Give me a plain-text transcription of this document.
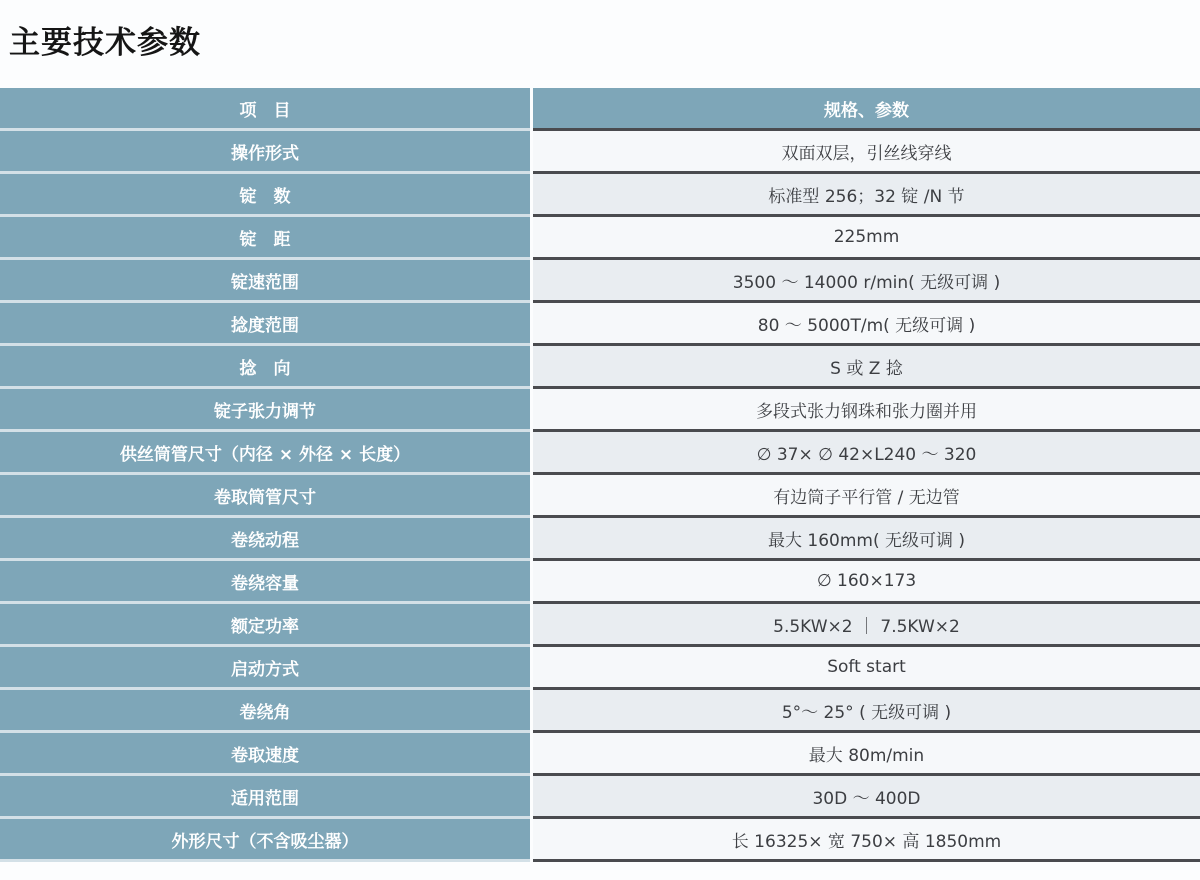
主要技术参数
项　目	规格、参数
操作形式	双面双层，引丝线穿线
锭　数	标准型 256；32 锭 /N 节
锭　距	225mm
锭速范围	3500 ～ 14000 r/min( 无级可调 )
捻度范围	80 ～ 5000T/m( 无级可调 )
捻　向	S 或 Z 捻
锭子张力调节	多段式张力钢珠和张力圈并用
供丝筒管尺寸（内径 × 外径 × 长度）	∅ 37× ∅ 42×L240 ～ 320
卷取筒管尺寸	有边筒子平行管 / 无边管
卷绕动程	最大 160mm( 无级可调 )
卷绕容量	∅ 160×173
额定功率	5.5KW×2 ｜ 7.5KW×2
启动方式	Soft start
卷绕角	5°～ 25° ( 无级可调 )
卷取速度	最大 80m/min
适用范围	30D ～ 400D
外形尺寸（不含吸尘器）	长 16325× 宽 750× 高 1850mm
